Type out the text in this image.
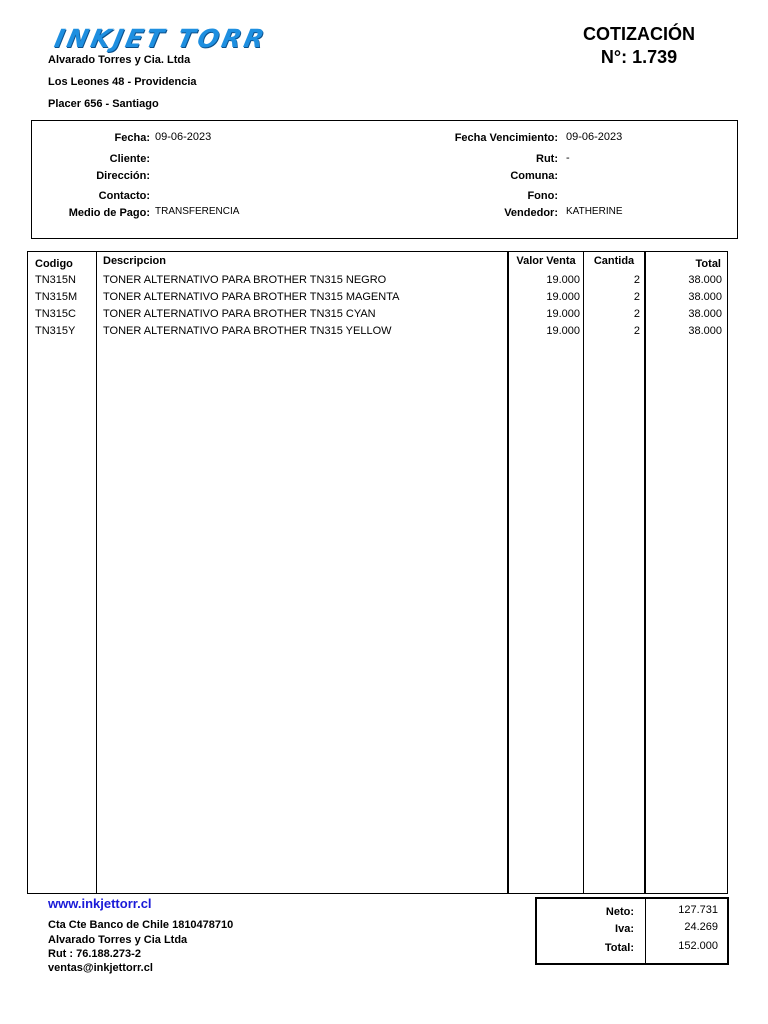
INKJET TORR
Alvarado Torres y Cia. Ltda
Los Leones 48 - Providencia
Placer 656 - Santiago
COTIZACIÓN
N°: 1.739
Fecha: 09-06-2023
Cliente:
Dirección:
Contacto:
Medio de Pago: TRANSFERENCIA
Fecha Vencimiento: 09-06-2023
Rut: -
Comuna:
Fono:
Vendedor: KATHERINE
Codigo	Descripcion	Valor Venta	Cantida	Total
TN315N TONER ALTERNATIVO PARA BROTHER TN315 NEGRO	19.000	2	38.000
TN315M TONER ALTERNATIVO PARA BROTHER TN315 MAGENTA	19.000	2	38.000
TN315C TONER ALTERNATIVO PARA BROTHER TN315 CYAN	19.000	2	38.000
TN315Y	TONER ALTERNATIVO PARA BROTHER TN315 YELLOW	19.000	2	38.000
www.inkjettorr.cl
Cta Cte Banco de Chile 1810478710
Alvarado Torres y Cia Ltda
Rut : 76.188.273-2
ventas@inkjettorr.cl
Neto:	127.731
Iva:	24.269
Total:	152.000
